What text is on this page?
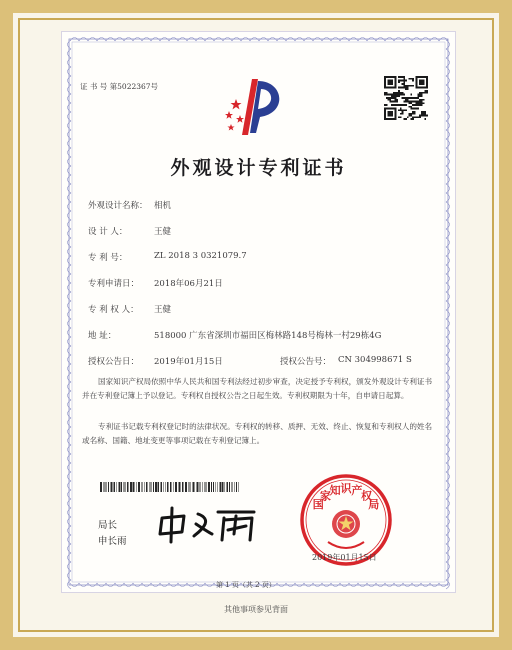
证 书 号 第5022367号
外观设计专利证书
外观设计名称： 相机
设 计 人：	王健
专 利 号：	ZL 2018 3 0321079.7
专利申请日： 2018年06月21日
专 利 权 人： 王健
地 址：	518000 广东省深圳市福田区梅林路148号梅林一村29栋4G
授权公告日： 2019年01月15日	授权公告号： CN 304998671 S
国家知识产权局依照中华人民共和国专利法经过初步审查，决定授予专利权，颁发外观设计专利证书并在专利登记簿上予以登记。专利权自授权公告之日起生效。专利权期限为十年，自申请日起算。
专利证书记载专利权登记时的法律状况。专利权的转移、质押、无效、终止、恢复和专利权人的姓名或名称、国籍、地址变更等事项记载在专利登记簿上。
局长
申长雨
国家知识产权局
2019年01月15日
第 1 页（共 2 页）
其他事项参见背面
